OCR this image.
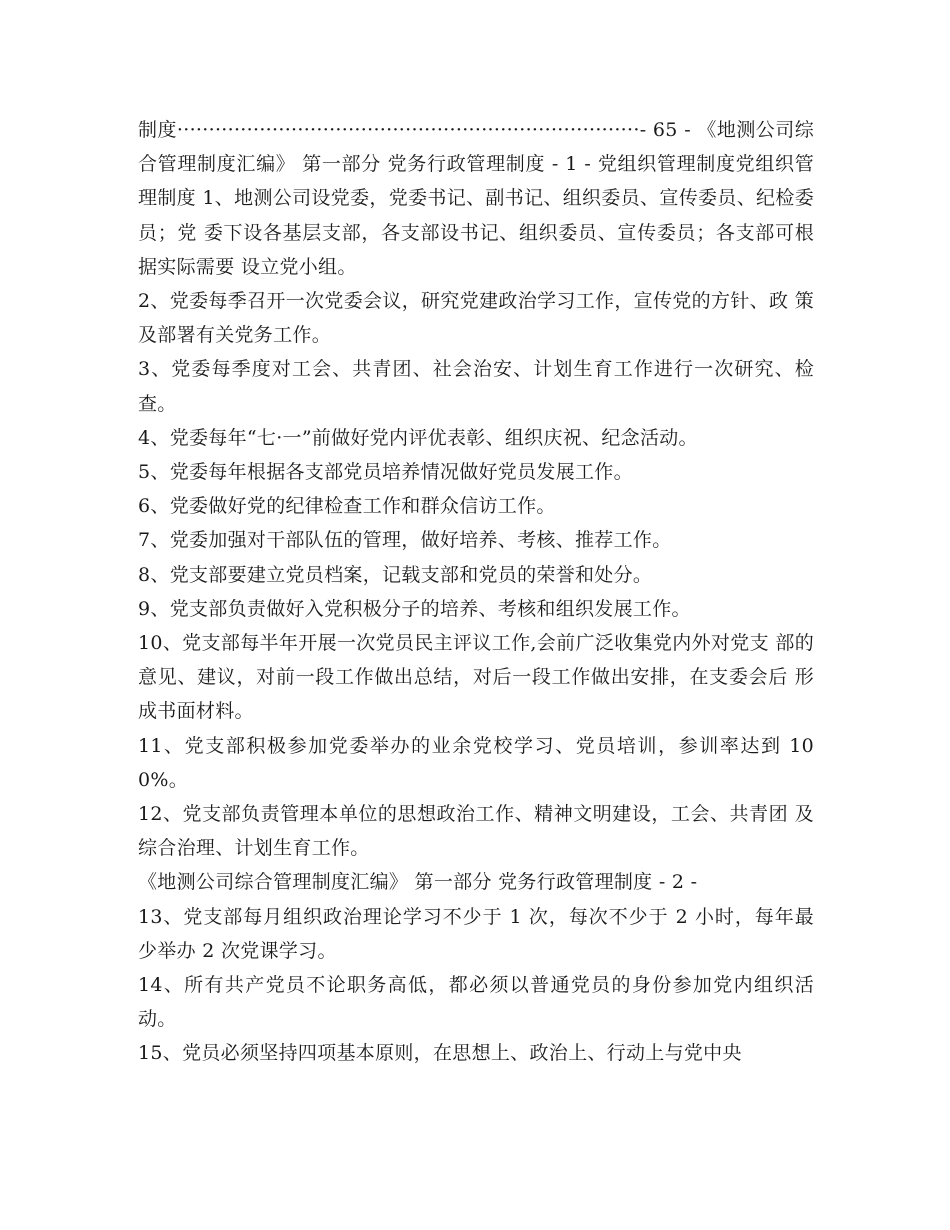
制度·········································································- 65 - 《地测公司综合管理制度汇编》 第一部分 党务行政管理制度 - 1 - 党组织管理制度党组织管理制度 1、地测公司设党委，党委书记、副书记、组织委员、宣传委员、纪检委员；党 委下设各基层支部，各支部设书记、组织委员、宣传委员；各支部可根据实际需要 设立党小组。

2、党委每季召开一次党委会议，研究党建政治学习工作，宣传党的方针、政 策及部署有关党务工作。

3、党委每季度对工会、共青团、社会治安、计划生育工作进行一次研究、检 查。

4、党委每年“七·一”前做好党内评优表彰、组织庆祝、纪念活动。

5、党委每年根据各支部党员培养情况做好党员发展工作。

6、党委做好党的纪律检查工作和群众信访工作。

7、党委加强对干部队伍的管理，做好培养、考核、推荐工作。

8、党支部要建立党员档案，记载支部和党员的荣誉和处分。

9、党支部负责做好入党积极分子的培养、考核和组织发展工作。

10、党支部每半年开展一次党员民主评议工作,会前广泛收集党内外对党支 部的意见、建议，对前一段工作做出总结，对后一段工作做出安排，在支委会后 形成书面材料。

11、党支部积极参加党委举办的业余党校学习、党员培训，参训率达到 100%。

12、党支部负责管理本单位的思想政治工作、精神文明建设，工会、共青团 及综合治理、计划生育工作。

《地测公司综合管理制度汇编》 第一部分 党务行政管理制度 - 2 -

13、党支部每月组织政治理论学习不少于 1 次，每次不少于 2 小时，每年最 少举办 2 次党课学习。

14、所有共产党员不论职务高低，都必须以普通党员的身份参加党内组织活 动。

15、党员必须坚持四项基本原则，在思想上、政治上、行动上与党中央
